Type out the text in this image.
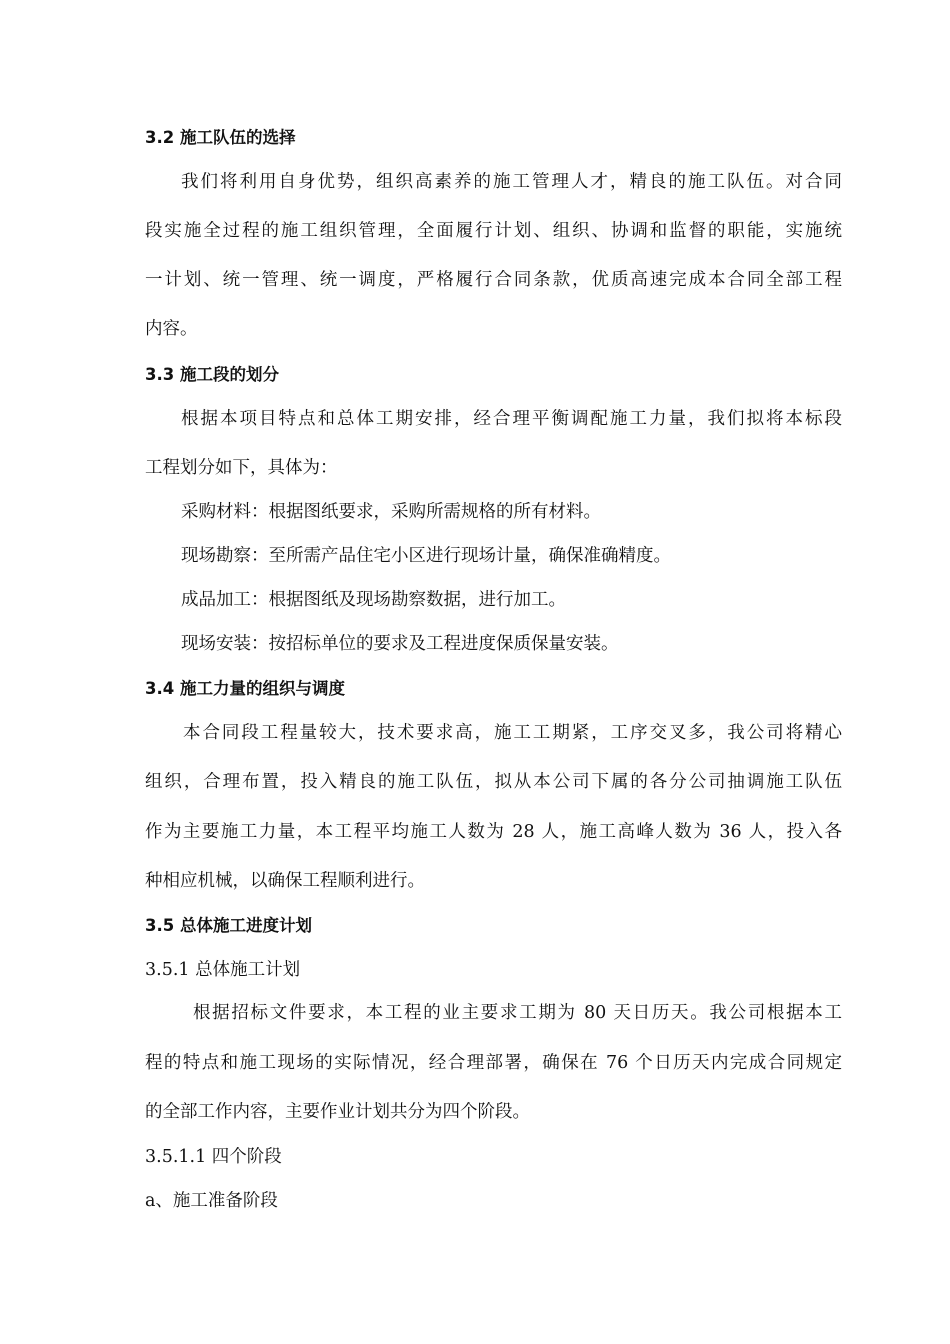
3.2 施工队伍的选择
我们将利用自身优势，组织高素养的施工管理人才，精良的施工队伍。对合同
段实施全过程的施工组织管理，全面履行计划、组织、协调和监督的职能，实施统
一计划、统一管理、统一调度，严格履行合同条款，优质高速完成本合同全部工程
内容。
3.3 施工段的划分
根据本项目特点和总体工期安排，经合理平衡调配施工力量，我们拟将本标段
工程划分如下，具体为：
采购材料：根据图纸要求，采购所需规格的所有材料。
现场勘察：至所需产品住宅小区进行现场计量，确保准确精度。
成品加工：根据图纸及现场勘察数据，进行加工。
现场安装：按招标单位的要求及工程进度保质保量安装。
3.4 施工力量的组织与调度
本合同段工程量较大，技术要求高，施工工期紧，工序交叉多，我公司将精心
组织，合理布置，投入精良的施工队伍，拟从本公司下属的各分公司抽调施工队伍
作为主要施工力量，本工程平均施工人数为 28 人，施工高峰人数为 36 人，投入各
种相应机械，以确保工程顺利进行。
3.5 总体施工进度计划
3.5.1 总体施工计划
根据招标文件要求，本工程的业主要求工期为 80 天日历天。我公司根据本工
程的特点和施工现场的实际情况，经合理部署，确保在 76 个日历天内完成合同规定
的全部工作内容，主要作业计划共分为四个阶段。
3.5.1.1 四个阶段
a、施工准备阶段
